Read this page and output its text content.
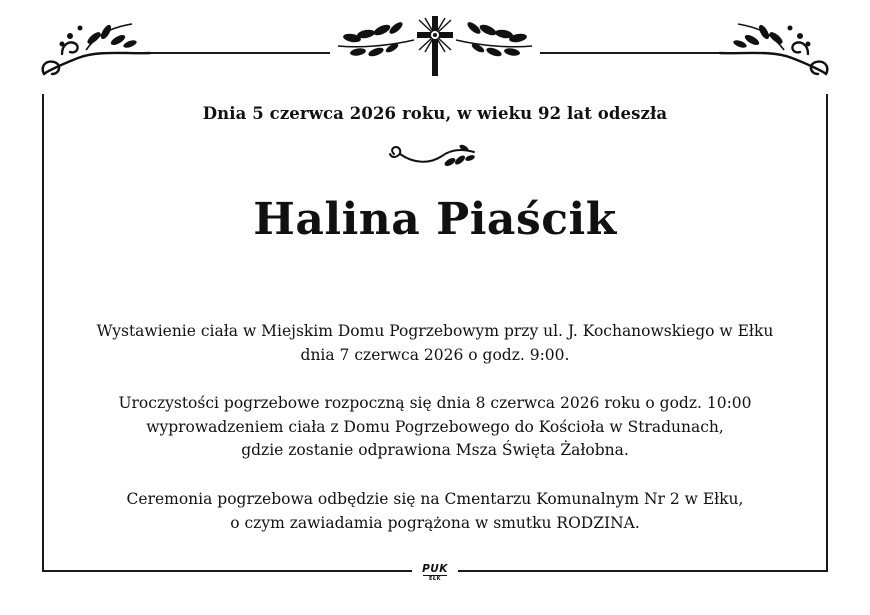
Dnia 5 czerwca 2026 roku, w wieku 92 lat odeszła
Halina Piaścik
Wystawienie ciała w Miejskim Domu Pogrzebowym przy ul. J. Kochanowskiego w Ełku
dnia 7 czerwca 2026 o godz. 9:00.
Uroczystości pogrzebowe rozpoczną się dnia 8 czerwca 2026 roku o godz. 10:00
wyprowadzeniem ciała z Domu Pogrzebowego do Kościoła w Stradunach,
gdzie zostanie odprawiona Msza Święta Żałobna.
Ceremonia pogrzebowa odbędzie się na Cmentarzu Komunalnym Nr 2 w Ełku,
o czym zawiadamia pogrążona w smutku RODZINA.
PUK
EŁK
